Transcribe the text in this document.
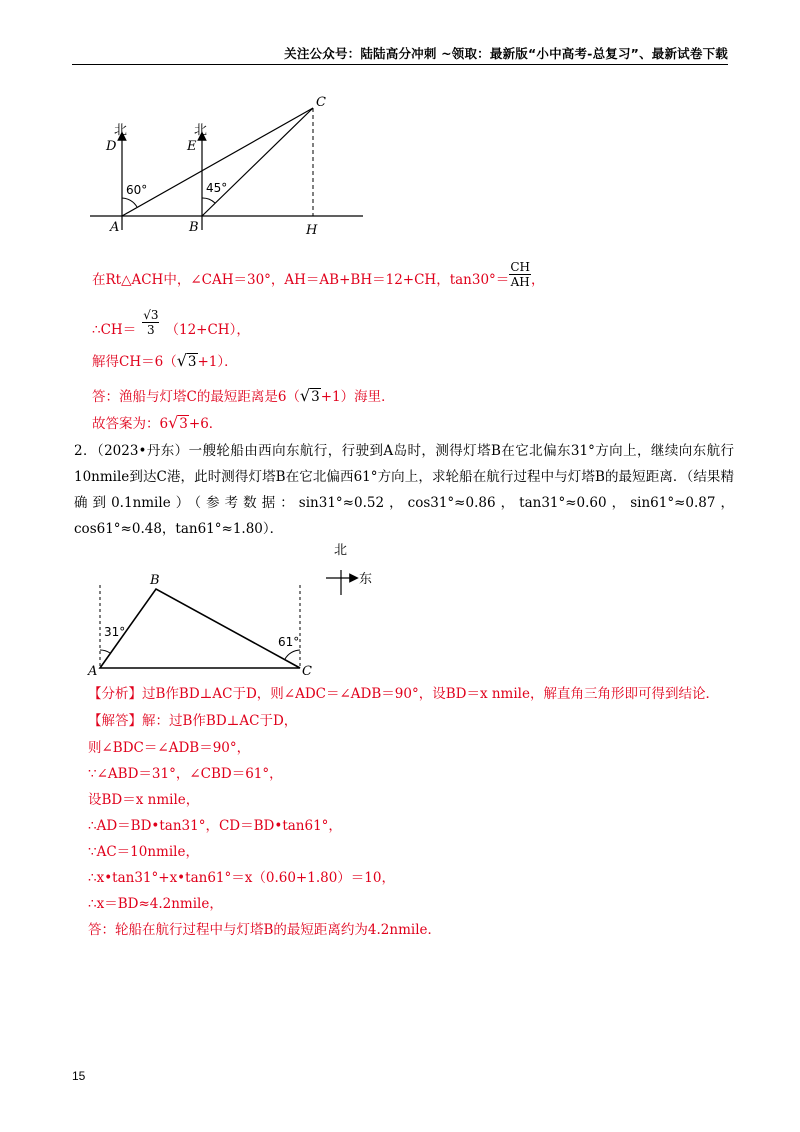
关注公众号：陆陆高分冲刺 ~领取：最新版“小中高考-总复习”、最新试卷下载
北	北
D	E
C
A	B	H
60°	45°
在Rt△ACH中，∠CAH＝30°，AH＝AB+BH＝12+CH，$\tan 30^\circ= \frac{CH}{AH}$ ，
∴CH＝ $\frac{√3}{3} (12+CH)$，
解得CH＝6（√3+1）．
答：渔船与灯塔C的最短距离是6（√3+1）海里．
故答案为：6√3+6．
2．（2023•丹东）一艘轮船由西向东航行，行驶到A岛时，测得灯塔B在它北偏东31°方向上，继续向东航行10nmile到达C港，此时测得灯塔B在它北偏西61°方向上，求轮船在航行过程中与灯塔B的最短距离．（结果精确到0.1nmile）（参考数据：sin31°≈0.52，cos31°≈0.86，tan31°≈0.60，sin61°≈0.87，cos61°≈0.48，tan61°≈1.80）．
北
东
A
B
C
31°
61°
【分析】过B作BD⊥AC于D，则∠ADC＝∠ADB＝90°，设BD＝x nmile，解直角三角形即可得到结论．
【解答】解：过B作BD⊥AC于D，
则∠BDC＝∠ADB＝90°，
∵∠ABD＝31°，∠CBD＝61°，
设BD＝x nmile，
∴AD＝BD•tan31°，CD＝BD•tan61°，
∵AC＝10nmile，
∴x•tan31°+x•tan61°＝x（0.60+1.80）＝10，
∴x＝BD≈4.2nmile，
答：轮船在航行过程中与灯塔B的最短距离约为4.2nmile．
15
